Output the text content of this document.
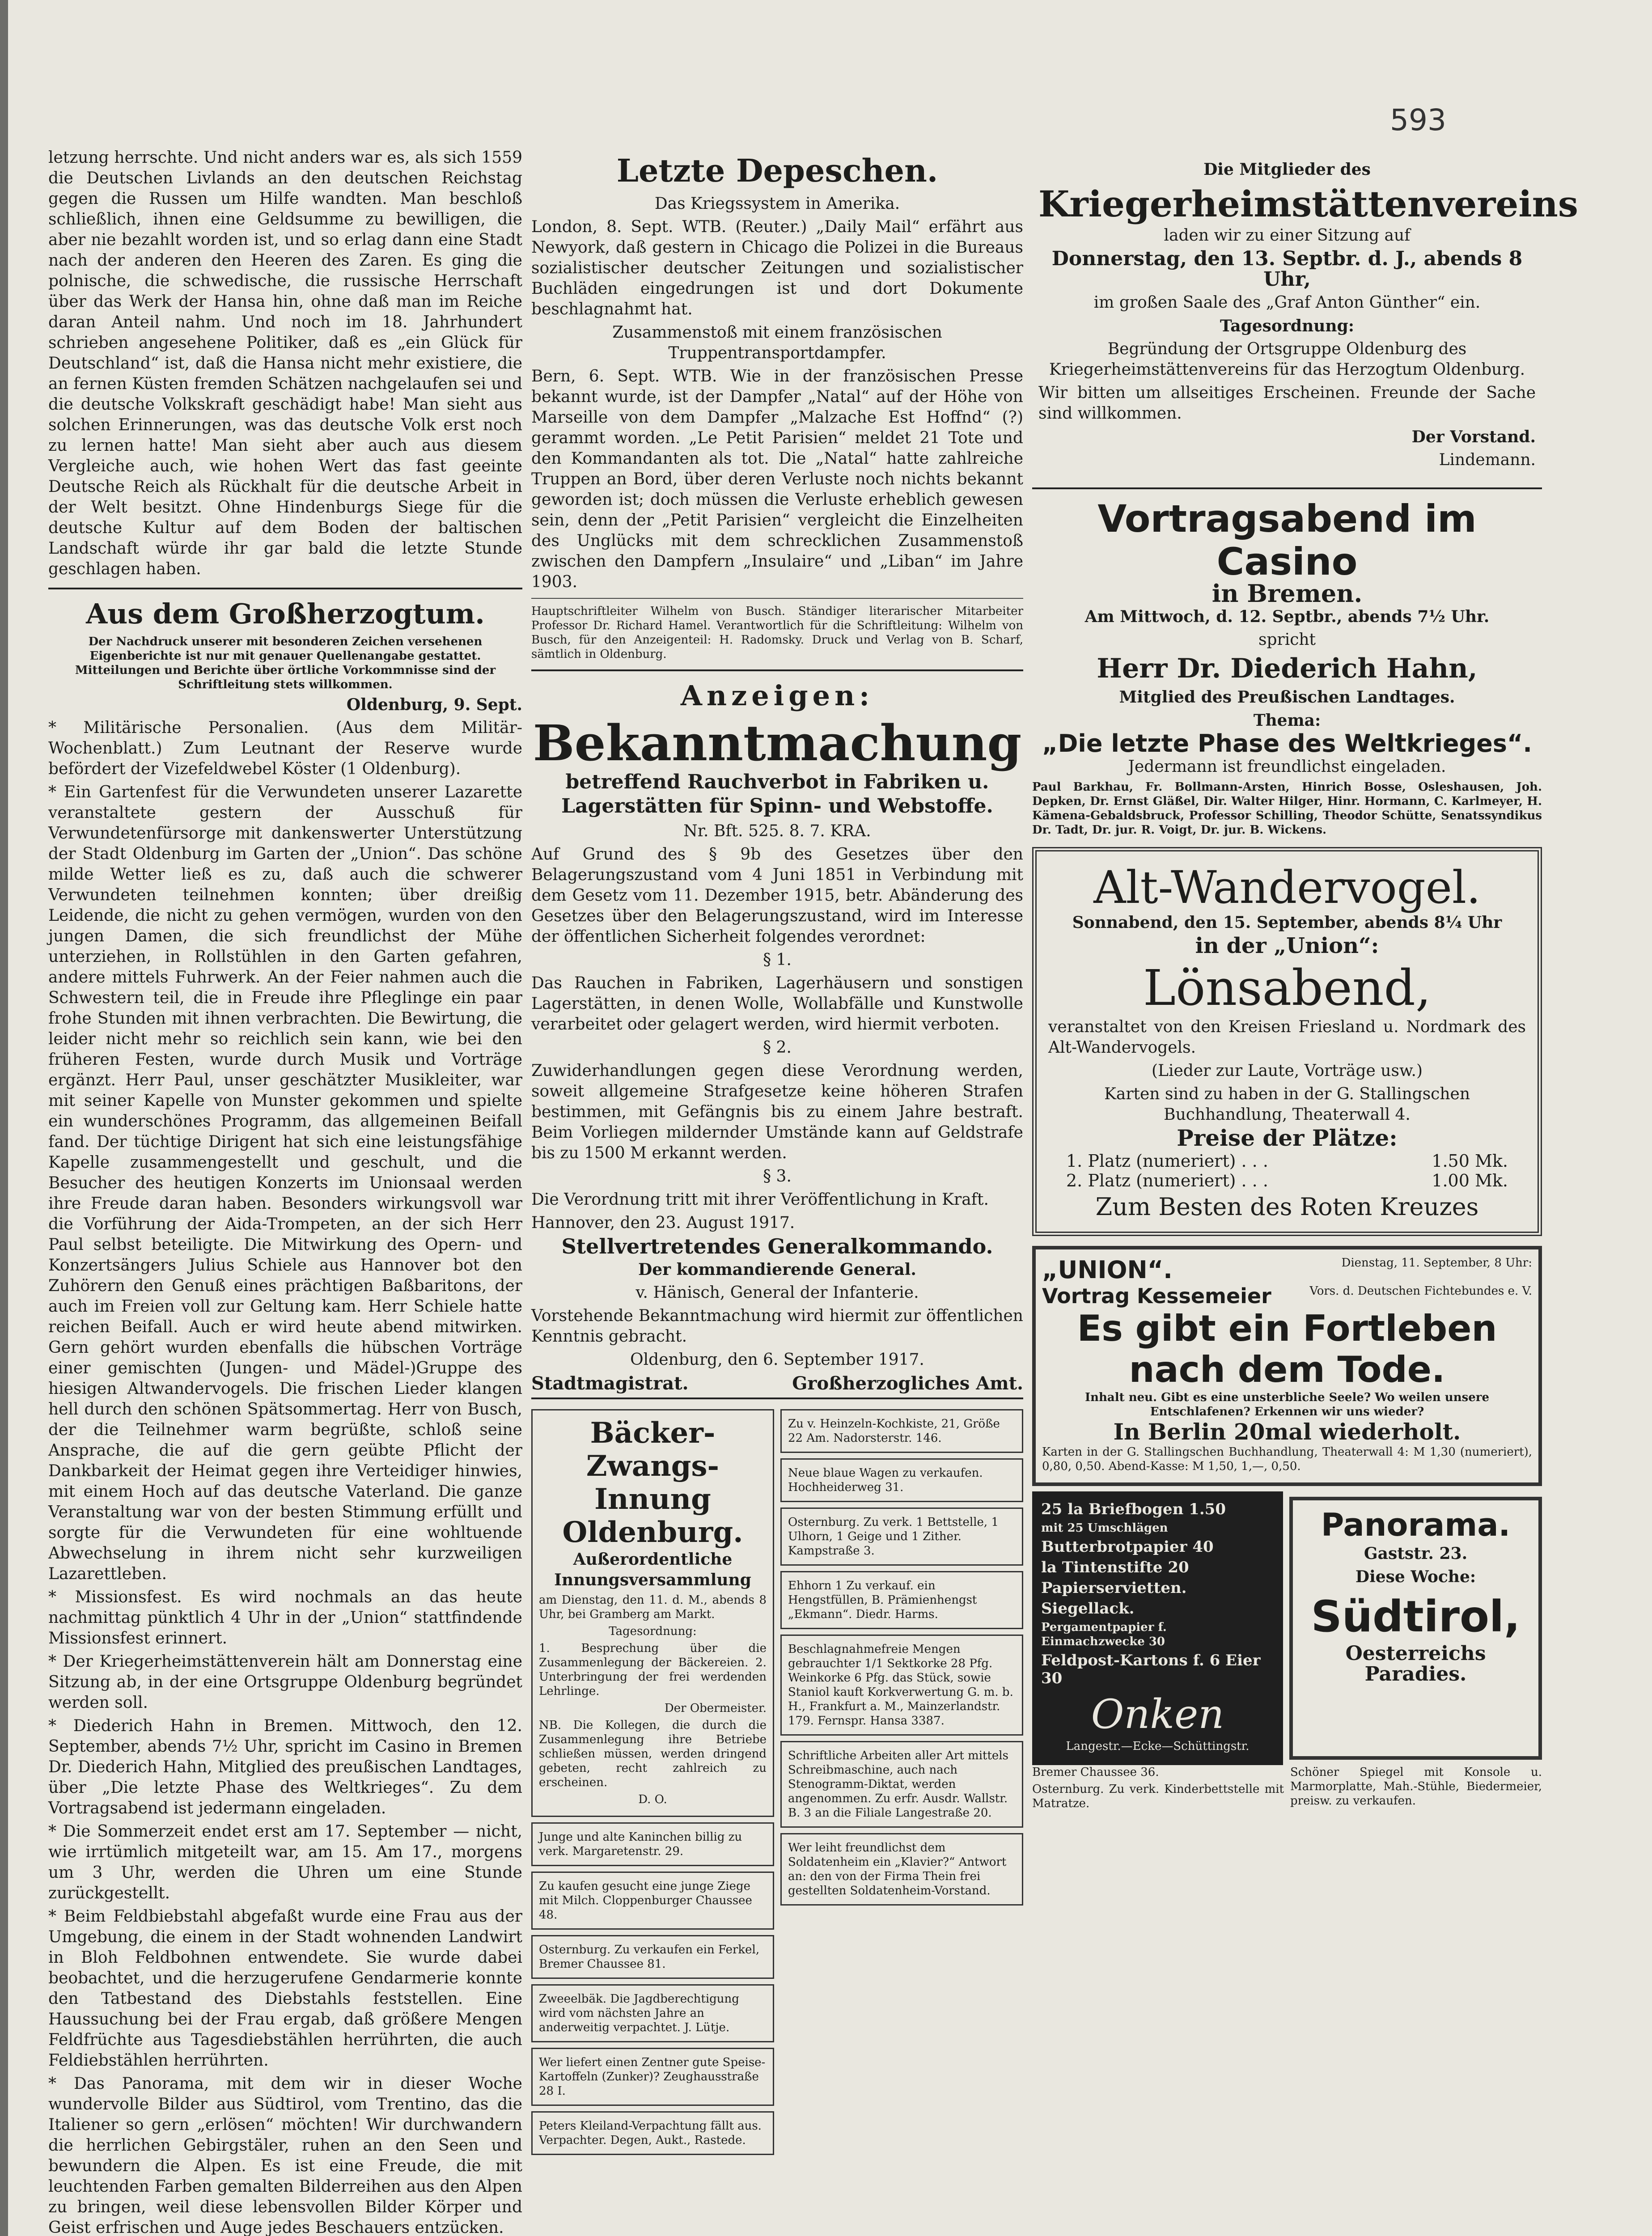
593

letzung herrschte. Und nicht anders war es, als sich 1559 die Deutschen Livlands an den deutschen Reichstag gegen die Russen um Hilfe wandten. Man beschloß schließlich, ihnen eine Geldsumme zu bewilligen, die aber nie bezahlt worden ist, und so erlag dann eine Stadt nach der anderen den Heeren des Zaren. Es ging die polnische, die schwedische, die russische Herrschaft über das Werk der Hansa hin, ohne daß man im Reiche daran Anteil nahm. Und noch im 18. Jahrhundert schrieben angesehene Politiker, daß es „ein Glück für Deutschland“ ist, daß die Hansa nicht mehr existiere, die an fernen Küsten fremden Schätzen nachgelaufen sei und die deutsche Volkskraft geschädigt habe! Man sieht aus solchen Erinnerungen, was das deutsche Volk erst noch zu lernen hatte! Man sieht aber auch aus diesem Vergleiche auch, wie hohen Wert das fast geeinte Deutsche Reich als Rückhalt für die deutsche Arbeit in der Welt besitzt. Ohne Hindenburgs Siege für die deutsche Kultur auf dem Boden der baltischen Landschaft würde ihr gar bald die letzte Stunde geschlagen haben.

Aus dem Großherzogtum.

Der Nachdruck unserer mit besonderen Zeichen versehenen Eigenberichte ist nur mit genauer Quellenangabe gestattet. Mitteilungen und Berichte über örtliche Vorkommnisse sind der Schriftleitung stets willkommen.

Oldenburg, 9. Sept.

* Militärische Personalien. (Aus dem Militär-Wochenblatt.) Zum Leutnant der Reserve wurde befördert der Vizefeldwebel Köster (1 Oldenburg).

* Ein Gartenfest für die Verwundeten unserer Lazarette veranstaltete gestern der Ausschuß für Verwundetenfürsorge mit dankenswerter Unterstützung der Stadt Oldenburg im Garten der „Union“. Das schöne milde Wetter ließ es zu, daß auch die schwerer Verwundeten teilnehmen konnten; über dreißig Leidende, die nicht zu gehen vermögen, wurden von den jungen Damen, die sich freundlichst der Mühe unterziehen, in Rollstühlen in den Garten gefahren, andere mittels Fuhrwerk. An der Feier nahmen auch die Schwestern teil, die in Freude ihre Pfleglinge ein paar frohe Stunden mit ihnen verbrachten. Die Bewirtung, die leider nicht mehr so reichlich sein kann, wie bei den früheren Festen, wurde durch Musik und Vorträge ergänzt. Herr Paul, unser geschätzter Musikleiter, war mit seiner Kapelle von Munster gekommen und spielte ein wunderschönes Programm, das allgemeinen Beifall fand. Der tüchtige Dirigent hat sich eine leistungsfähige Kapelle zusammengestellt und geschult, und die Besucher des heutigen Konzerts im Unionsaal werden ihre Freude daran haben. Besonders wirkungsvoll war die Vorführung der Aida-Trompeten, an der sich Herr Paul selbst beteiligte. Die Mitwirkung des Opern- und Konzertsängers Julius Schiele aus Hannover bot den Zuhörern den Genuß eines prächtigen Baßbaritons, der auch im Freien voll zur Geltung kam. Herr Schiele hatte reichen Beifall. Auch er wird heute abend mitwirken. Gern gehört wurden ebenfalls die hübschen Vorträge einer gemischten (Jungen- und Mädel-)Gruppe des hiesigen Altwandervogels. Die frischen Lieder klangen hell durch den schönen Spätsommertag. Herr von Busch, der die Teilnehmer warm begrüßte, schloß seine Ansprache, die auf die gern geübte Pflicht der Dankbarkeit der Heimat gegen ihre Verteidiger hinwies, mit einem Hoch auf das deutsche Vaterland. Die ganze Veranstaltung war von der besten Stimmung erfüllt und sorgte für die Verwundeten für eine wohltuende Abwechselung in ihrem nicht sehr kurzweiligen Lazarettleben.

* Missionsfest. Es wird nochmals an das heute nachmittag pünktlich 4 Uhr in der „Union“ stattfindende Missionsfest erinnert.

* Der Kriegerheimstättenverein hält am Donnerstag eine Sitzung ab, in der eine Ortsgruppe Oldenburg begründet werden soll.

* Diederich Hahn in Bremen. Mittwoch, den 12. September, abends 7½ Uhr, spricht im Casino in Bremen Dr. Diederich Hahn, Mitglied des preußischen Landtages, über „Die letzte Phase des Weltkrieges“. Zu dem Vortragsabend ist jedermann eingeladen.

* Die Sommerzeit endet erst am 17. September — nicht, wie irrtümlich mitgeteilt war, am 15. Am 17., morgens um 3 Uhr, werden die Uhren um eine Stunde zurückgestellt.

* Beim Feldbiebstahl abgefaßt wurde eine Frau aus der Umgebung, die einem in der Stadt wohnenden Landwirt in Bloh Feldbohnen entwendete. Sie wurde dabei beobachtet, und die herzugerufene Gendarmerie konnte den Tatbestand des Diebstahls feststellen. Eine Haussuchung bei der Frau ergab, daß größere Mengen Feldfrüchte aus Tagesdiebstählen herrührten, die auch Feldiebstählen herrührten.

* Das Panorama, mit dem wir in dieser Woche wundervolle Bilder aus Südtirol, vom Trentino, das die Italiener so gern „erlösen“ möchten! Wir durchwandern die herrlichen Gebirgstäler, ruhen an den Seen und bewundern die Alpen. Es ist eine Freude, die mit leuchtenden Farben gemalten Bilderreihen aus den Alpen zu bringen, weil diese lebensvollen Bilder Körper und Geist erfrischen und Auge jedes Beschauers entzücken.

Letzte Depeschen.

Das Kriegssystem in Amerika.

London, 8. Sept. WTB. (Reuter.) „Daily Mail“ erfährt aus Newyork, daß gestern in Chicago die Polizei in die Bureaus sozialistischer deutscher Zeitungen und sozialistischer Buchläden eingedrungen ist und dort Dokumente beschlagnahmt hat.

Zusammenstoß mit einem französischen Truppentransportdampfer.

Bern, 6. Sept. WTB. Wie in der französischen Presse bekannt wurde, ist der Dampfer „Natal“ auf der Höhe von Marseille von dem Dampfer „Malzache Est Hoffnd“ (?) gerammt worden. „Le Petit Parisien“ meldet 21 Tote und den Kommandanten als tot. Die „Natal“ hatte zahlreiche Truppen an Bord, über deren Verluste noch nichts bekannt geworden ist; doch müssen die Verluste erheblich gewesen sein, denn der „Petit Parisien“ vergleicht die Einzelheiten des Unglücks mit dem schrecklichen Zusammenstoß zwischen den Dampfern „Insulaire“ und „Liban“ im Jahre 1903.

Hauptschriftleiter Wilhelm von Busch. Ständiger literarischer Mitarbeiter Professor Dr. Richard Hamel. Verantwortlich für die Schriftleitung: Wilhelm von Busch, für den Anzeigenteil: H. Radomsky. Druck und Verlag von B. Scharf, sämtlich in Oldenburg.

Anzeigen:
Bekanntmachung

betreffend Rauchverbot in Fabriken u. Lagerstätten für Spinn- und Webstoffe.

Nr. Bft. 525. 8. 7. KRA.

Auf Grund des § 9b des Gesetzes über den Belagerungszustand vom 4 Juni 1851 in Verbindung mit dem Gesetz vom 11. Dezember 1915, betr. Abänderung des Gesetzes über den Belagerungszustand, wird im Interesse der öffentlichen Sicherheit folgendes verordnet:

§ 1.

Das Rauchen in Fabriken, Lagerhäusern und sonstigen Lagerstätten, in denen Wolle, Wollabfälle und Kunstwolle verarbeitet oder gelagert werden, wird hiermit verboten.

§ 2.

Zuwiderhandlungen gegen diese Verordnung werden, soweit allgemeine Strafgesetze keine höheren Strafen bestimmen, mit Gefängnis bis zu einem Jahre bestraft. Beim Vorliegen mildernder Umstände kann auf Geldstrafe bis zu 1500 M erkannt werden.

§ 3.

Die Verordnung tritt mit ihrer Veröffentlichung in Kraft.

Hannover, den 23. August 1917.

Stellvertretendes Generalkommando.

Der kommandierende General.

v. Hänisch, General der Infanterie.

Vorstehende Bekanntmachung wird hiermit zur öffentlichen Kenntnis gebracht.

Oldenburg, den 6. September 1917.

Stadtmagistrat.	Großherzogliches Amt.
Bäcker-Zwangs-Innung Oldenburg.

Außerordentliche Innungsversammlung

am Dienstag, den 11. d. M., abends 8 Uhr, bei Gramberg am Markt.

Tagesordnung:

1. Besprechung über die Zusammenlegung der Bäckereien. 2. Unterbringung der frei werdenden Lehrlinge.

Der Obermeister.

NB. Die Kollegen, die durch die Zusammenlegung ihre Betriebe schließen müssen, werden dringend gebeten, recht zahlreich zu erscheinen.

D. O.

Junge und alte Kaninchen billig zu verk. Margaretenstr. 29.
Zu kaufen gesucht eine junge Ziege mit Milch. Cloppenburger Chaussee 48.
Osternburg. Zu verkaufen ein Ferkel, Bremer Chaussee 81.
Zweeelbäk. Die Jagdberechtigung wird vom nächsten Jahre an anderweitig verpachtet. J. Lütje.
Wer liefert einen Zentner gute Speise-Kartoffeln (Zunker)? Zeughausstraße 28 I.
Peters Kleiland-Verpachtung fällt aus. Verpachter. Degen, Aukt., Rastede.
Zu v. Heinzeln-Kochkiste, 21, Größe 22 Am. Nadorsterstr. 146.
Neue blaue Wagen zu verkaufen. Hochheiderweg 31.
Osternburg. Zu verk. 1 Bettstelle, 1 Ulhorn, 1 Geige und 1 Zither. Kampstraße 3.
Ehhorn 1 Zu verkauf. ein Hengstfüllen, B. Prämienhengst „Ekmann“. Diedr. Harms.
Beschlagnahmefreie Mengen gebrauchter 1/1 Sektkorke 28 Pfg. Weinkorke 6 Pfg. das Stück, sowie Staniol kauft Korkverwertung G. m. b. H., Frankfurt a. M., Mainzerlandstr. 179. Fernspr. Hansa 3387.
Schriftliche Arbeiten aller Art mittels Schreibmaschine, auch nach Stenogramm-Diktat, werden angenommen. Zu erfr. Ausdr. Wallstr. B. 3 an die Filiale Langestraße 20.
Wer leiht freundlichst dem Soldatenheim ein „Klavier?“ Antwort an: den von der Firma Thein frei gestellten Soldatenheim-Vorstand.

Die Mitglieder des

Kriegerheimstättenvereins

laden wir zu einer Sitzung auf

Donnerstag, den 13. Septbr. d. J., abends 8 Uhr,

im großen Saale des „Graf Anton Günther“ ein.

Tagesordnung:

Begründung der Ortsgruppe Oldenburg des Kriegerheimstättenvereins für das Herzogtum Oldenburg.

Wir bitten um allseitiges Erscheinen. Freunde der Sache sind willkommen.

Der Vorstand.

Lindemann.

Vortragsabend im Casino

in Bremen.

Am Mittwoch, d. 12. Septbr., abends 7½ Uhr.

spricht

Herr Dr. Diederich Hahn,

Mitglied des Preußischen Landtages.

Thema:

„Die letzte Phase des Weltkrieges“.

Jedermann ist freundlichst eingeladen.

Paul Barkhau, Fr. Bollmann-Arsten, Hinrich Bosse, Osleshausen, Joh. Depken, Dr. Ernst Gläßel, Dir. Walter Hilger, Hinr. Hormann, C. Karlmeyer, H. Kämena-Gebaldsbruck, Professor Schilling, Theodor Schütte, Senatssyndikus Dr. Tadt, Dr. jur. R. Voigt, Dr. jur. B. Wickens.

Alt-Wandervogel.

Sonnabend, den 15. September, abends 8¼ Uhr

in der „Union“:

Lönsabend,

veranstaltet von den Kreisen Friesland u. Nordmark des Alt-Wandervogels.

(Lieder zur Laute, Vorträge usw.)

Karten sind zu haben in der G. Stallingschen Buchhandlung, Theaterwall 4.

Preise der Plätze:

1. Platz (numeriert) . . .	1.50 Mk.
2. Platz (numeriert) . . .	1.00 Mk.

Zum Besten des Roten Kreuzes

„UNION“.	Dienstag, 11. September, 8 Uhr:
Vortrag Kessemeier	Vors. d. Deutschen Fichtebundes e. V.
Es gibt ein Fortleben nach dem Tode.

Inhalt neu. Gibt es eine unsterbliche Seele? Wo weilen unsere Entschlafenen? Erkennen wir uns wieder?

In Berlin 20mal wiederholt.

Karten in der G. Stallingschen Buchhandlung, Theaterwall 4: M 1,30 (numeriert), 0,80, 0,50. Abend-Kasse: M 1,50, 1,—, 0,50.

25 la Briefbogen 1.50

mit 25 Umschlägen

Butterbrotpapier 40

la Tintenstifte 20

Papierservietten.

Siegellack.

Pergamentpapier f. Einmachzwecke 30

Feldpost-Kartons f. 6 Eier 30

Onken

Langestr.—Ecke—Schüttingstr.

Panorama.

Gaststr. 23.

Diese Woche:

Südtirol,

Oesterreichs Paradies.

Bremer Chaussee 36.

Osternburg. Zu verk. Kinderbettstelle mit Matratze.

Schöner Spiegel mit Konsole u. Marmorplatte, Mah.-Stühle, Biedermeier, preisw. zu verkaufen.
